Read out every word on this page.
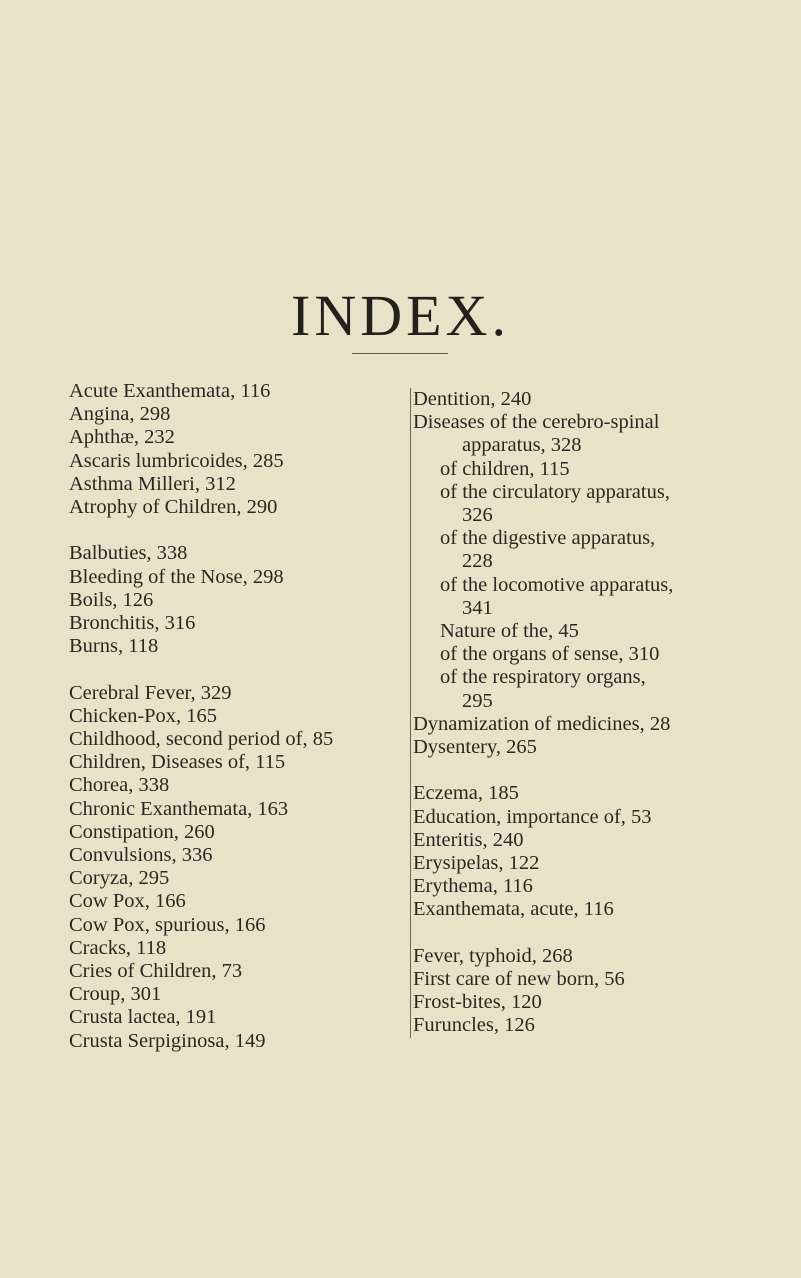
INDEX.
Acute Exanthemata, 116
Angina, 298
Aphthæ, 232
Ascaris lumbricoides, 285
Asthma Milleri, 312
Atrophy of Children, 290
Balbuties, 338
Bleeding of the Nose, 298
Boils, 126
Bronchitis, 316
Burns, 118
Cerebral Fever, 329
Chicken-Pox, 165
Childhood, second period of, 85
Children, Diseases of, 115
Chorea, 338
Chronic Exanthemata, 163
Constipation, 260
Convulsions, 336
Coryza, 295
Cow Pox, 166
Cow Pox, spurious, 166
Cracks, 118
Cries of Children, 73
Croup, 301
Crusta lactea, 191
Crusta Serpiginosa, 149
Dentition, 240
Diseases of the cerebro-spinal
apparatus, 328
of children, 115
of the circulatory apparatus,
326
of the digestive apparatus,
228
of the locomotive apparatus,
341
Nature of the, 45
of the organs of sense, 310
of the respiratory organs,
295
Dynamization of medicines, 28
Dysentery, 265
Eczema, 185
Education, importance of, 53
Enteritis, 240
Erysipelas, 122
Erythema, 116
Exanthemata, acute, 116
Fever, typhoid, 268
First care of new born, 56
Frost-bites, 120
Furuncles, 126
